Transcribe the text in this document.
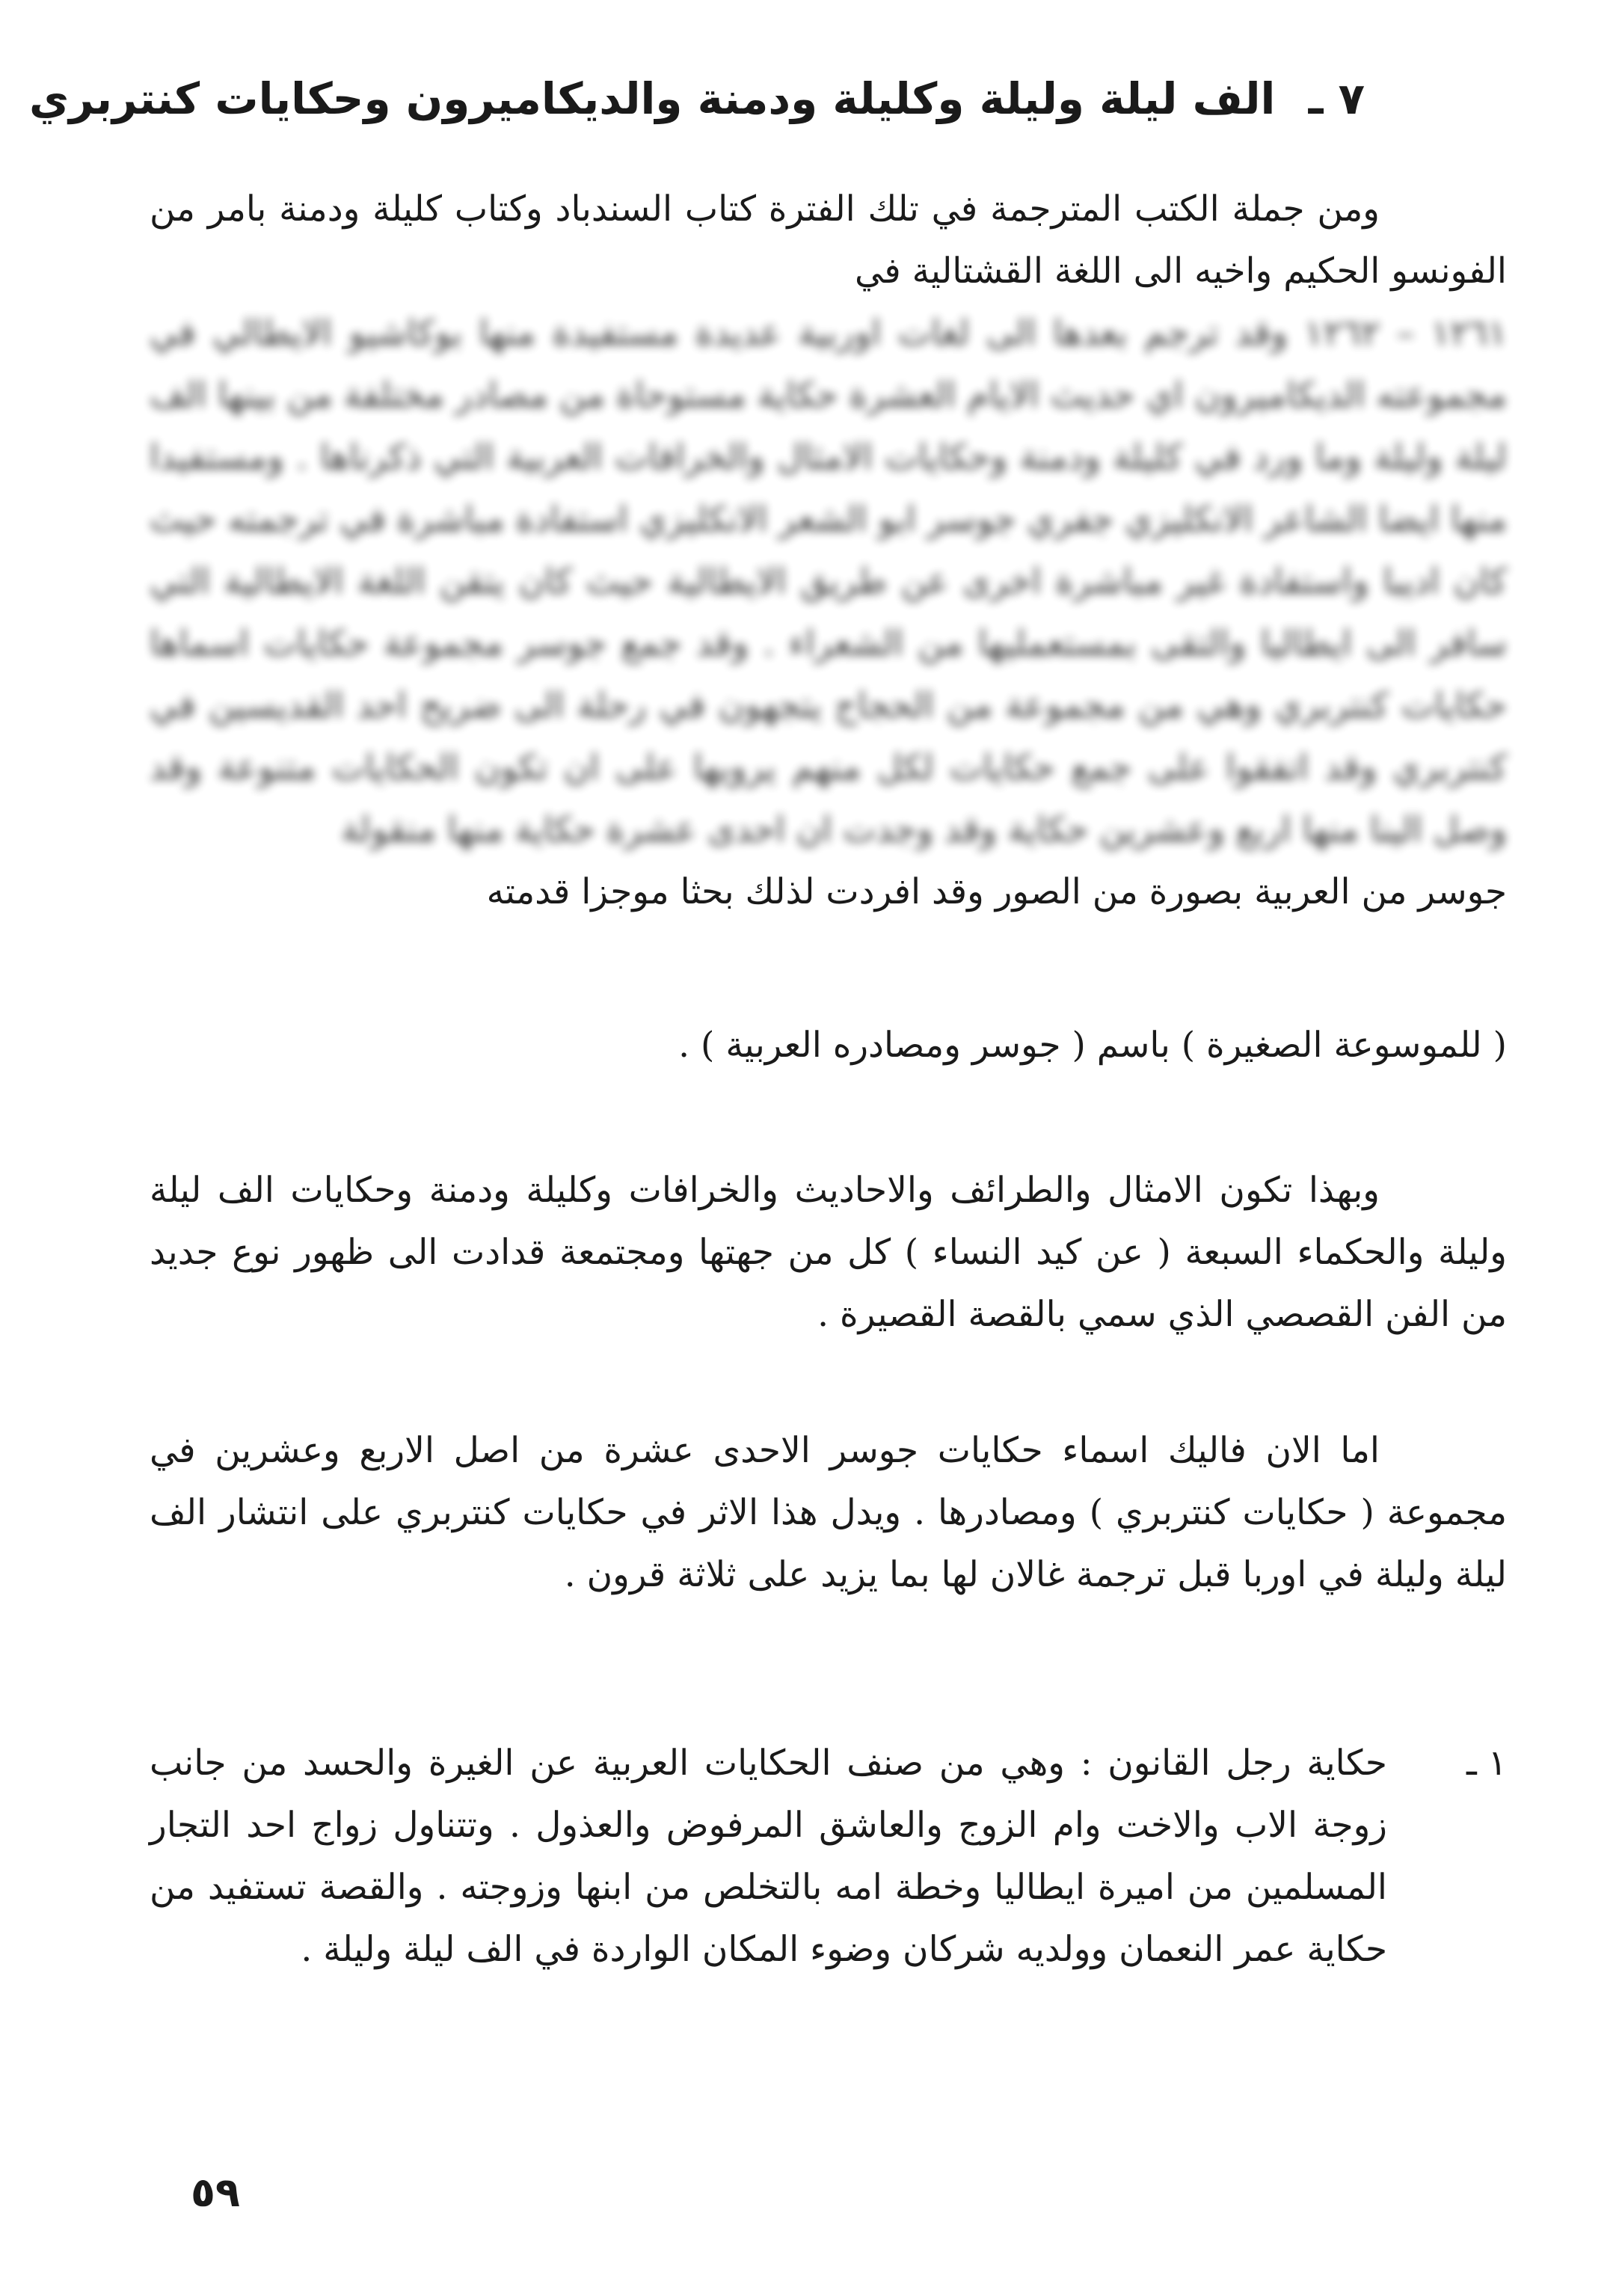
٧ ـ الف ليلة وليلة وكليلة ودمنة والديكاميرون وحكايات كنتربري

ومن جملة الكتب المترجمة في تلك الفترة كتاب السندباد وكتاب كليلة ودمنة بامر من الفونسو الحكيم واخيه الى اللغة القشتالية في

١٢٦١ – ١٢٦٢ وقد ترجم بعدها الى لغات اوربية عديدة مستفيدة منها بوكاشيو الايطالي في مجموعته الديكاميرون اي حديث الايام العشرة حكاية مستوحاة من مصادر مختلفة من بينها الف ليلة وليلة وما ورد في كليلة ودمنة وحكايات الامثال والخرافات العربية التي ذكرناها . ومستفيدا منها ايضا الشاعر الانكليزي جفري جوسر ابو الشعر الانكليزي استفادة مباشرة في ترجمته حيث كان اديبا واستفادة غير مباشرة اخرى عن طريق الايطالية حيث كان يتقن اللغة الايطالية التي سافر الى ايطاليا والتقى بمستعمليها من الشعراء . وقد جمع جوسر مجموعة حكايات اسماها حكايات كنتربري وهي من مجموعة من الحجاج يتجهون في رحلة الى ضريح احد القديسين في كنتربري وقد اتفقوا على جمع حكايات لكل منهم يرويها على ان تكون الحكايات متنوعة وقد وصل الينا منها اربع وعشرين حكاية وقد وجدت ان احدى عشرة حكاية منها منقولة

جوسر من العربية بصورة من الصور وقد افردت لذلك بحثا موجزا قدمته

( للموسوعة الصغيرة ) باسم ( جوسر ومصادره العربية ) .

وبهذا تكون الامثال والطرائف والاحاديث والخرافات وكليلة ودمنة وحكايات الف ليلة وليلة والحكماء السبعة ( عن كيد النساء ) كل من جهتها ومجتمعة قدادت الى ظهور نوع جديد من الفن القصصي الذي سمي بالقصة القصيرة .

اما الان فاليك اسماء حكايات جوسر الاحدى عشرة من اصل الاربع وعشرين في مجموعة ( حكايات كنتربري ) ومصادرها . ويدل هذا الاثر في حكايات كنتربري على انتشار الف ليلة وليلة في اوربا قبل ترجمة غالان لها بما يزيد على ثلاثة قرون .

١ ـ
حكاية رجل القانون : وهي من صنف الحكايات العربية عن الغيرة والحسد من جانب زوجة الاب والاخت وام الزوج والعاشق المرفوض والعذول . وتتناول زواج احد التجار المسلمين من اميرة ايطاليا وخطة امه بالتخلص من ابنها وزوجته . والقصة تستفيد من حكاية عمر النعمان وولديه شركان وضوء المكان الواردة في الف ليلة وليلة .
٥٩
